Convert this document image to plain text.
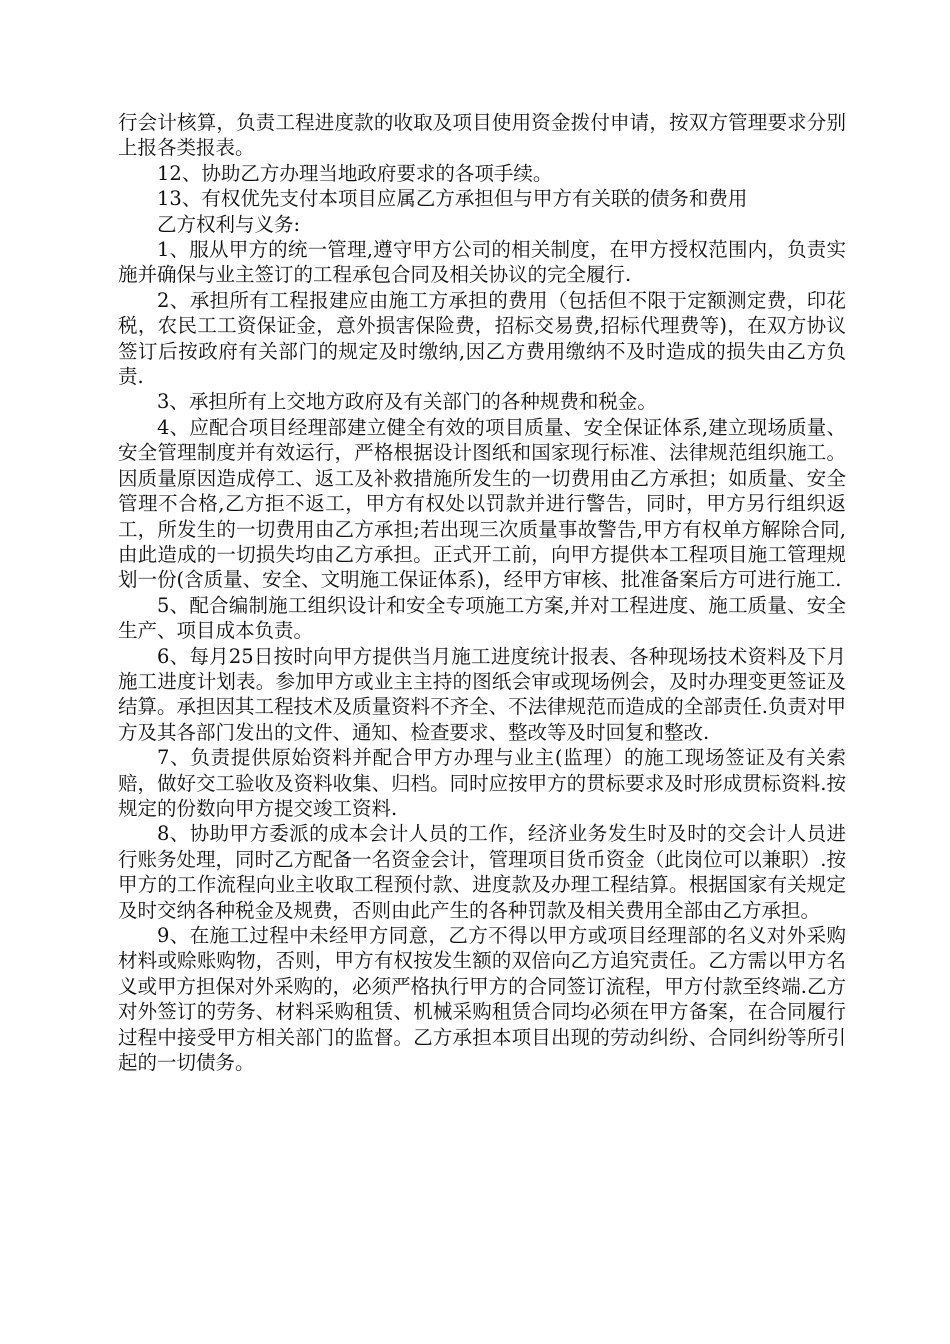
行会计核算，负责工程进度款的收取及项目使用资金拨付申请，按双方管理要求分别上报各类报表。

12、协助乙方办理当地政府要求的各项手续。

13、有权优先支付本项目应属乙方承担但与甲方有关联的债务和费用

乙方权利与义务:

1、服从甲方的统一管理,遵守甲方公司的相关制度，在甲方授权范围内，负责实施并确保与业主签订的工程承包合同及相关协议的完全履行.

2、承担所有工程报建应由施工方承担的费用（包括但不限于定额测定费，印花税，农民工工资保证金，意外损害保险费，招标交易费,招标代理费等)，在双方协议签订后按政府有关部门的规定及时缴纳,因乙方费用缴纳不及时造成的损失由乙方负责.

3、承担所有上交地方政府及有关部门的各种规费和税金。

4、应配合项目经理部建立健全有效的项目质量、安全保证体系,建立现场质量、安全管理制度并有效运行，严格根据设计图纸和国家现行标准、法律规范组织施工。因质量原因造成停工、返工及补救措施所发生的一切费用由乙方承担；如质量、安全管理不合格,乙方拒不返工，甲方有权处以罚款并进行警告，同时，甲方另行组织返工，所发生的一切费用由乙方承担;若出现三次质量事故警告,甲方有权单方解除合同,由此造成的一切损失均由乙方承担。正式开工前，向甲方提供本工程项目施工管理规划一份(含质量、安全、文明施工保证体系)，经甲方审核、批准备案后方可进行施工.

5、配合编制施工组织设计和安全专项施工方案,并对工程进度、施工质量、安全生产、项目成本负责。

6、每月25日按时向甲方提供当月施工进度统计报表、各种现场技术资料及下月施工进度计划表。参加甲方或业主主持的图纸会审或现场例会，及时办理变更签证及结算。承担因其工程技术及质量资料不齐全、不法律规范而造成的全部责任.负责对甲方及其各部门发出的文件、通知、检查要求、整改等及时回复和整改.

7、负责提供原始资料并配合甲方办理与业主(监理）的施工现场签证及有关索赔，做好交工验收及资料收集、归档。同时应按甲方的贯标要求及时形成贯标资料.按规定的份数向甲方提交竣工资料.

8、协助甲方委派的成本会计人员的工作，经济业务发生时及时的交会计人员进行账务处理，同时乙方配备一名资金会计，管理项目货币资金（此岗位可以兼职）.按甲方的工作流程向业主收取工程预付款、进度款及办理工程结算。根据国家有关规定及时交纳各种税金及规费，否则由此产生的各种罚款及相关费用全部由乙方承担。

9、在施工过程中未经甲方同意，乙方不得以甲方或项目经理部的名义对外采购材料或赊账购物，否则，甲方有权按发生额的双倍向乙方追究责任。乙方需以甲方名义或甲方担保对外采购的，必须严格执行甲方的合同签订流程，甲方付款至终端.乙方对外签订的劳务、材料采购租赁、机械采购租赁合同均必须在甲方备案，在合同履行过程中接受甲方相关部门的监督。乙方承担本项目出现的劳动纠纷、合同纠纷等所引起的一切债务。
